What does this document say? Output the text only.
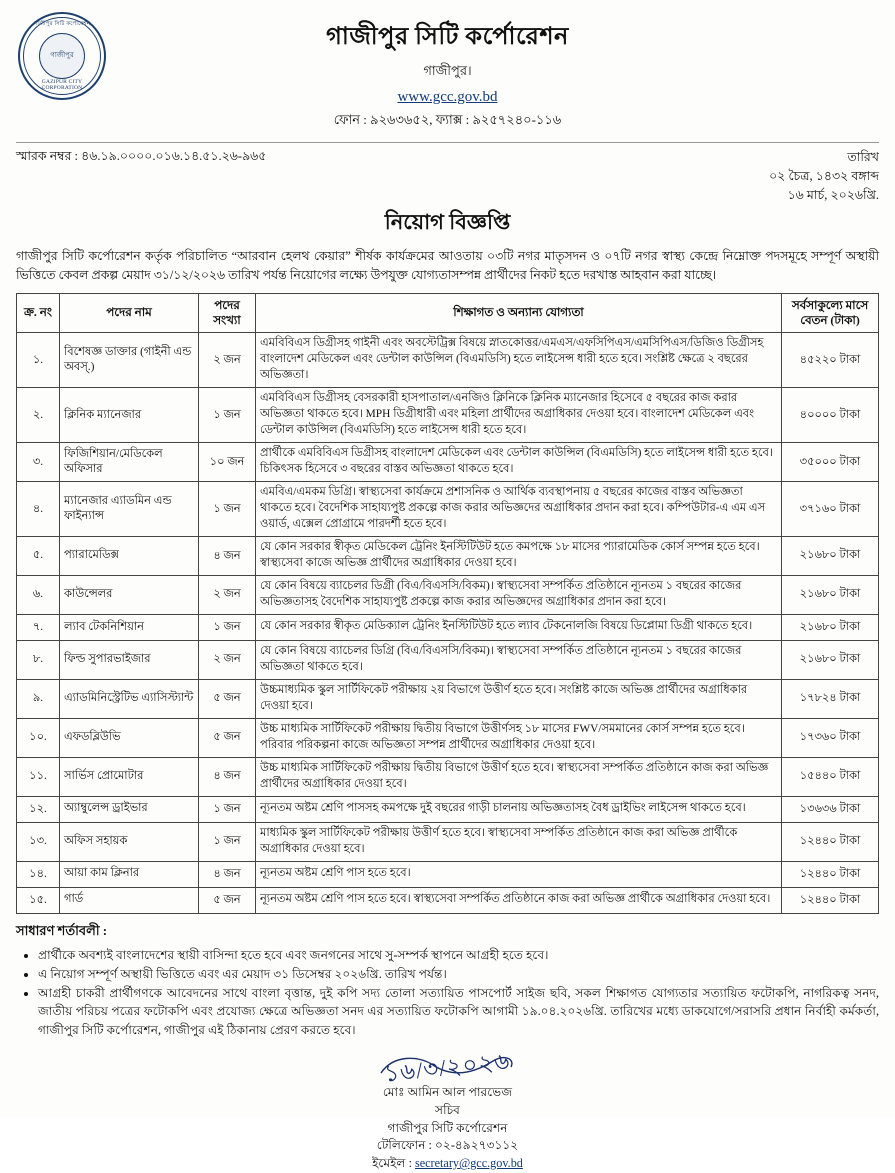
গাজীপুর সিটি কর্পোরেশন
গাজীপুর
GAZIPUR CITY CORPORATION
গাজীপুর সিটি কর্পোরেশন
গাজীপুর।
www.gcc.gov.bd
ফোন : ৯২৬৩৬৫২, ফ্যাক্স : ৯২৫৭২৪০-১১৬
স্মারক নম্বর : ৪৬.১৯.০০০০.০১৬.১৪.৫১.২৬-৯৬৫	তারিখ
০২ চৈত্র, ১৪৩২ বঙ্গাব্দ
১৬ মার্চ, ২০২৬খ্রি.
নিয়োগ বিজ্ঞপ্তি
গাজীপুর সিটি কর্পোরেশন কর্তৃক পরিচালিত “আরবান হেলথ কেয়ার” শীর্ষক কার্যক্রমের আওতায় ০৩টি নগর মাতৃসদন ও ০৭টি নগর স্বাস্থ্য কেন্দ্রে নিম্নোক্ত পদসমূহে সম্পূর্ণ অস্থায়ী ভিত্তিতে কেবল প্রকল্প মেয়াদ ৩১/১২/২০২৬ তারিখ পর্যন্ত নিয়োগের লক্ষ্যে উপযুক্ত যোগ্যতাসম্পন্ন প্রার্থীদের নিকট হতে দরখাস্ত আহবান করা যাচ্ছে।
ক্র. নং	পদের নাম	পদের সংখ্যা	শিক্ষাগত ও অন্যান্য যোগ্যতা	সর্বসাকুল্যে মাসে বেতন (টাকা)
১.	বিশেষজ্ঞ ডাক্তার (গাইনী এন্ড অবস্.)	২ জন	এমবিবিএস ডিগ্রীসহ গাইনী এবং অবস্টেট্রিক্স বিষয়ে স্নাতকোত্তর/এমএস/এফসিপিএস/এমসিপিএস/ডিজিও ডিগ্রীসহ বাংলাদেশ মেডিকেল এবং ডেন্টাল কাউন্সিল (বিএমডিসি) হতে লাইসেন্স ধারী হতে হবে। সংশ্লিষ্ট ক্ষেত্রে ২ বছরের অভিজ্ঞতা।	৪৫২২০ টাকা
২.	ক্লিনিক ম্যানেজার	১ জন	এমবিবিএস ডিগ্রীসহ বেসরকারী হাসপাতাল/এনজিও ক্লিনিকে ক্লিনিক ম্যানেজার হিসেবে ৫ বছরের কাজ করার অভিজ্ঞতা থাকতে হবে। MPH ডিগ্রীধারী এবং মহিলা প্রার্থীদের অগ্রাধিকার দেওয়া হবে। বাংলাদেশ মেডিকেল এবং ডেন্টাল কাউন্সিল (বিএমডিসি) হতে লাইসেন্স ধারী হতে হবে।	৪০০০০ টাকা
৩.	ফিজিশিয়ান/মেডিকেল অফিসার	১০ জন	প্রার্থীকে এমবিবিএস ডিগ্রীসহ বাংলাদেশ মেডিকেল এবং ডেন্টাল কাউন্সিল (বিএমডিসি) হতে লাইসেন্স ধারী হতে হবে। চিকিৎসক হিসেবে ৩ বছরের বাস্তব অভিজ্ঞতা থাকতে হবে।	৩৫০০০ টাকা
৪.	ম্যানেজার এ্যাডমিন এন্ড ফাইন্যান্স	১ জন	এমবিএ/এমকম ডিগ্রি। স্বাস্থ্যসেবা কার্যক্রমে প্রশাসনিক ও আর্থিক ব্যবস্থাপনায় ৫ বছরের কাজের বাস্তব অভিজ্ঞতা থাকতে হবে। বৈদেশিক সাহায্যপুষ্ট প্রকল্পে কাজ করার অভিজ্ঞদের অগ্রাধিকার প্রদান করা হবে। কম্পিউটার-এ এম এস ওয়ার্ড, এক্সেল প্রোগ্রামে পারদর্শী হতে হবে।	৩৭১৬০ টাকা
৫.	প্যারামেডিক্স	৪ জন	যে কোন সরকার স্বীকৃত মেডিকেল ট্রেনিং ইনস্টিটিউট হতে কমপক্ষে ১৮ মাসের প্যারামেডিক কোর্স সম্পন্ন হতে হবে। স্বাস্থ্যসেবা কাজে অভিজ্ঞ প্রার্থীদের অগ্রাধিকার দেওয়া হবে।	২১৬৮০ টাকা
৬.	কাউন্সেলর	২ জন	যে কোন বিষয়ে ব্যাচেলর ডিগ্রী (বিএ/বিএসসি/বিকম)। স্বাস্থ্যসেবা সম্পর্কিত প্রতিষ্ঠানে ন্যূনতম ১ বছরের কাজের অভিজ্ঞতাসহ বৈদেশিক সাহায্যপুষ্ট প্রকল্পে কাজ করার অভিজ্ঞদের অগ্রাধিকার প্রদান করা হবে।	২১৬৮০ টাকা
৭.	ল্যাব টেকনিশিয়ান	১ জন	যে কোন সরকার স্বীকৃত মেডিক্যাল ট্রেনিং ইনস্টিটিউট হতে ল্যাব টেকনোলজি বিষয়ে ডিপ্লোমা ডিগ্রী থাকতে হবে।	২১৬৮০ টাকা
৮.	ফিল্ড সুপারভাইজার	২ জন	যে কোন বিষয়ে ব্যাচেলর ডিগ্রি (বিএ/বিএসসি/বিকম)। স্বাস্থ্যসেবা সম্পর্কিত প্রতিষ্ঠানে ন্যূনতম ১ বছরের কাজের অভিজ্ঞতা থাকতে হবে।	২১৬৮০ টাকা
৯.	এ্যাডমিনিস্ট্রেটিভ এ্যাসিস্ট্যান্ট	৫ জন	উচ্চমাধ্যমিক স্কুল সার্টিফিকেট পরীক্ষায় ২য় বিভাগে উত্তীর্ণ হতে হবে। সংশ্লিষ্ট কাজে অভিজ্ঞ প্রার্থীদের অগ্রাধিকার দেওয়া হবে।	১৭৮২৪ টাকা
১০.	এফডব্লিউভি	৫ জন	উচ্চ মাধ্যমিক সার্টিফিকেট পরীক্ষায় দ্বিতীয় বিভাগে উত্তীর্ণসহ ১৮ মাসের FWV/সমমানের কোর্স সম্পন্ন হতে হবে। পরিবার পরিকল্পনা কাজে অভিজ্ঞতা সম্পন্ন প্রার্থীদের অগ্রাধিকার দেওয়া হবে।	১৭৩৬০ টাকা
১১.	সার্ভিস প্রোমোটার	৪ জন	উচ্চ মাধ্যমিক সার্টিফিকেট পরীক্ষায় দ্বিতীয় বিভাগে উত্তীর্ণ হতে হবে। স্বাস্থ্যসেবা সম্পর্কিত প্রতিষ্ঠানে কাজ করা অভিজ্ঞ প্রার্থীদের অগ্রাধিকার দেওয়া হবে।	১৫৪৪০ টাকা
১২.	অ্যাম্বুলেন্স ড্রাইভার	১ জন	ন্যূনতম অষ্টম শ্রেণি পাসসহ কমপক্ষে দুই বছরের গাড়ী চালনায় অভিজ্ঞতাসহ বৈধ ড্রাইভিং লাইসেন্স থাকতে হবে।	১৩৬৩৬ টাকা
১৩.	অফিস সহায়ক	১ জন	মাধ্যমিক স্কুল সার্টিফিকেট পরীক্ষায় উত্তীর্ণ হতে হবে। স্বাস্থ্যসেবা সম্পর্কিত প্রতিষ্ঠানে কাজ করা অভিজ্ঞ প্রার্থীকে অগ্রাধিকার দেওয়া হবে।	১২৪৪০ টাকা
১৪.	আয়া কাম ক্লিনার	৪ জন	ন্যূনতম অষ্টম শ্রেণি পাস হতে হবে।	১২৪৪০ টাকা
১৫.	গার্ড	৫ জন	ন্যূনতম অষ্টম শ্রেণি পাস হতে হবে। স্বাস্থ্যসেবা সম্পর্কিত প্রতিষ্ঠানে কাজ করা অভিজ্ঞ প্রার্থীকে অগ্রাধিকার দেওয়া হবে।	১২৪৪০ টাকা
সাধারণ শর্তাবলী :
• প্রার্থীকে অবশ্যই বাংলাদেশের স্থায়ী বাসিন্দা হতে হবে এবং জনগনের সাথে সু-সম্পর্ক স্থাপনে আগ্রহী হতে হবে।
• এ নিয়োগ সম্পূর্ণ অস্থায়ী ভিত্তিতে এবং এর মেয়াদ ৩১ ডিসেম্বর ২০২৬খ্রি. তারিখ পর্যন্ত।
• আগ্রহী চাকরী প্রার্থীগণকে আবেদনের সাথে বাংলা বৃত্তান্ত, দুই কপি সদ্য তোলা সত্যায়িত পাসপোর্ট সাইজ ছবি, সকল শিক্ষাগত যোগ্যতার সত্যায়িত ফটোকপি, নাগরিকত্ব সনদ, জাতীয় পরিচয় পত্রের ফটোকপি এবং প্রযোজ্য ক্ষেত্রে অভিজ্ঞতা সনদ এর সত্যায়িত ফটোকপি আগামী ১৯.০৪.২০২৬খ্রি. তারিখের মধ্যে ডাকযোগে/সরাসরি প্রধান নির্বাহী কর্মকর্তা, গাজীপুর সিটি কর্পোরেশন, গাজীপুর এই ঠিকানায় প্রেরণ করতে হবে।
১৬/৩/২০২৬
মোঃ আমিন আল পারভেজ
সচিব
গাজীপুর সিটি কর্পোরেশন
টেলিফোন : ০২-৪৯২৭৩১১২
ইমেইল : secretary@gcc.gov.bd
